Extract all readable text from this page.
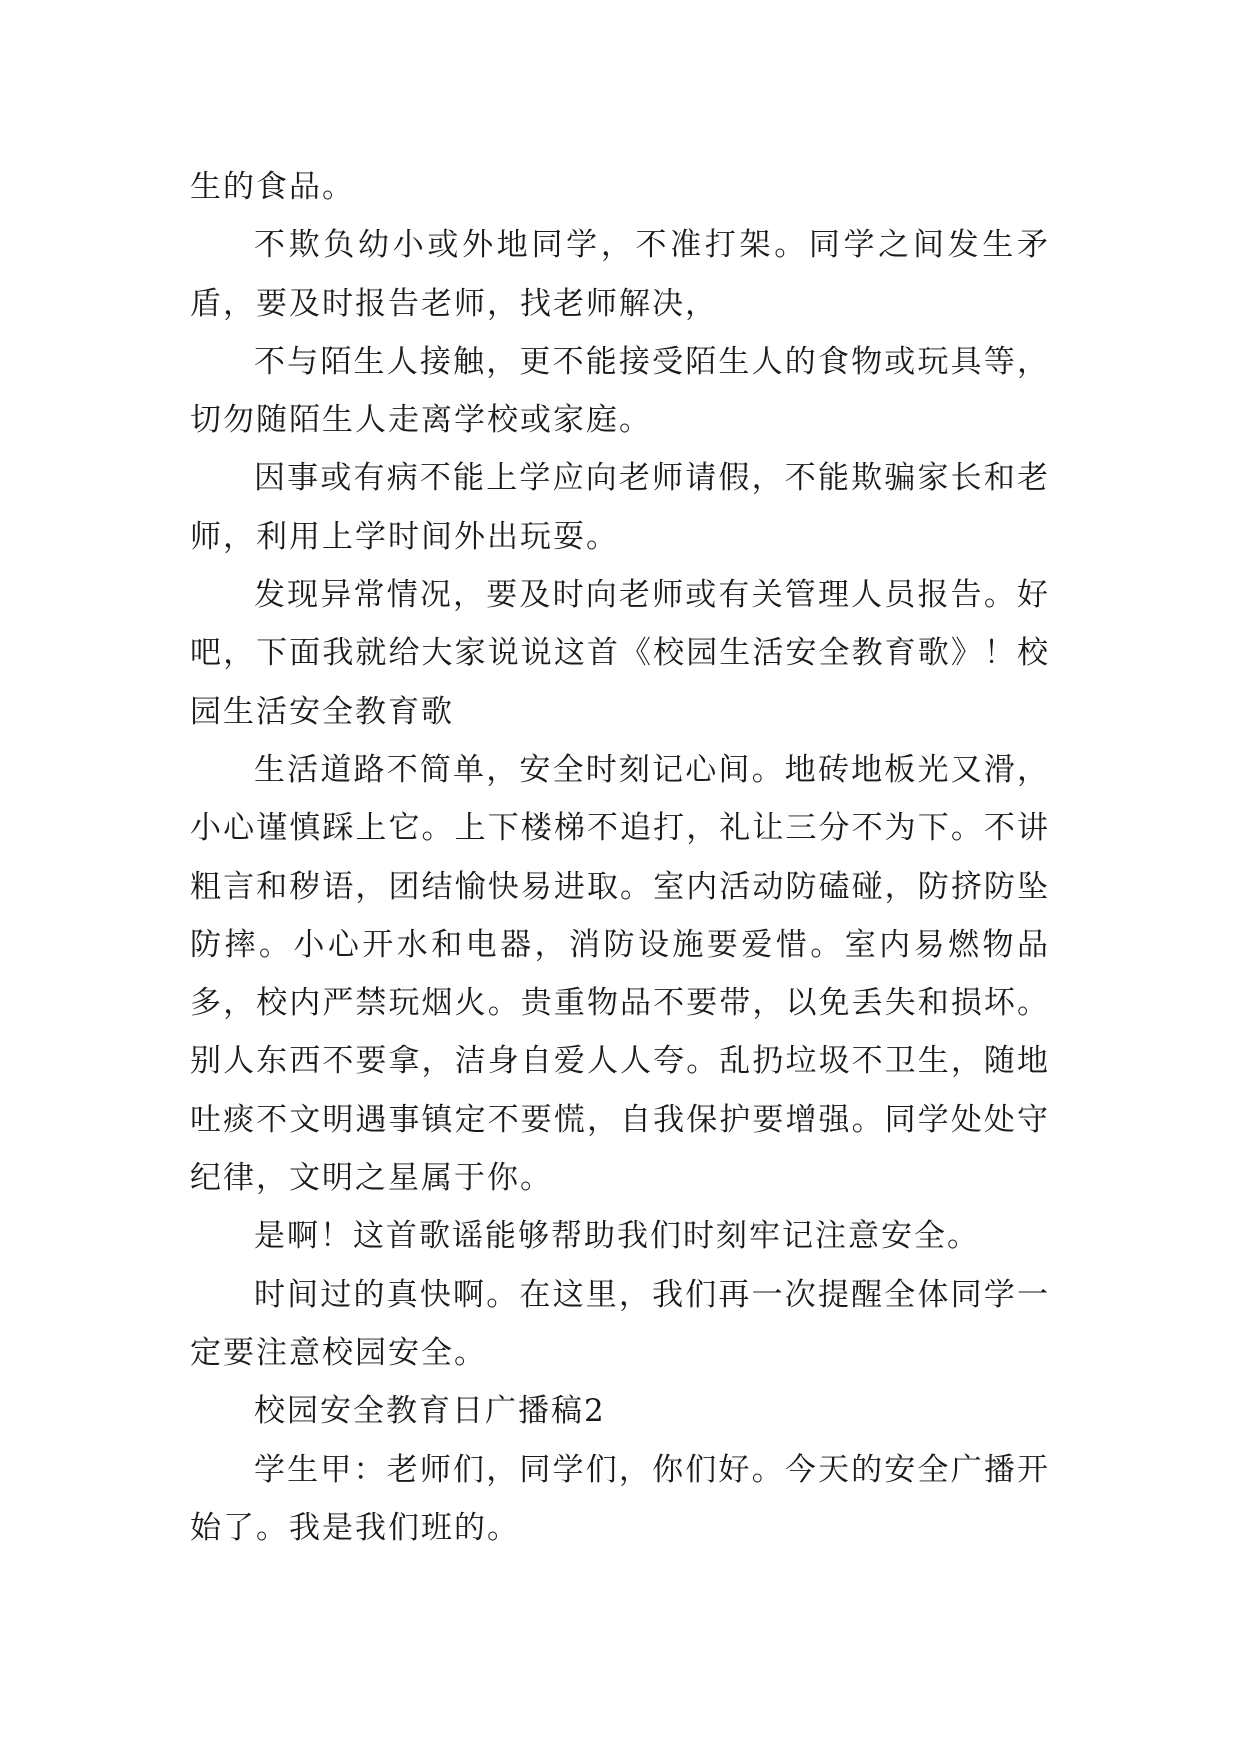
生的食品。

不欺负幼小或外地同学，不准打架。同学之间发生矛盾，要及时报告老师，找老师解决，

不与陌生人接触，更不能接受陌生人的食物或玩具等，切勿随陌生人走离学校或家庭。

因事或有病不能上学应向老师请假，不能欺骗家长和老师，利用上学时间外出玩耍。

发现异常情况，要及时向老师或有关管理人员报告。好吧，下面我就给大家说说这首《校园生活安全教育歌》！校园生活安全教育歌

生活道路不简单，安全时刻记心间。地砖地板光又滑，小心谨慎踩上它。上下楼梯不追打，礼让三分不为下。不讲粗言和秽语，团结愉快易进取。室内活动防磕碰，防挤防坠防摔。小心开水和电器，消防设施要爱惜。室内易燃物品多，校内严禁玩烟火。贵重物品不要带，以免丢失和损坏。别人东西不要拿，洁身自爱人人夸。乱扔垃圾不卫生，随地吐痰不文明遇事镇定不要慌，自我保护要增强。同学处处守纪律，文明之星属于你。

是啊！这首歌谣能够帮助我们时刻牢记注意安全。

时间过的真快啊。在这里，我们再一次提醒全体同学一定要注意校园安全。

校园安全教育日广播稿2

学生甲：老师们，同学们，你们好。今天的安全广播开始了。我是我们班的。
